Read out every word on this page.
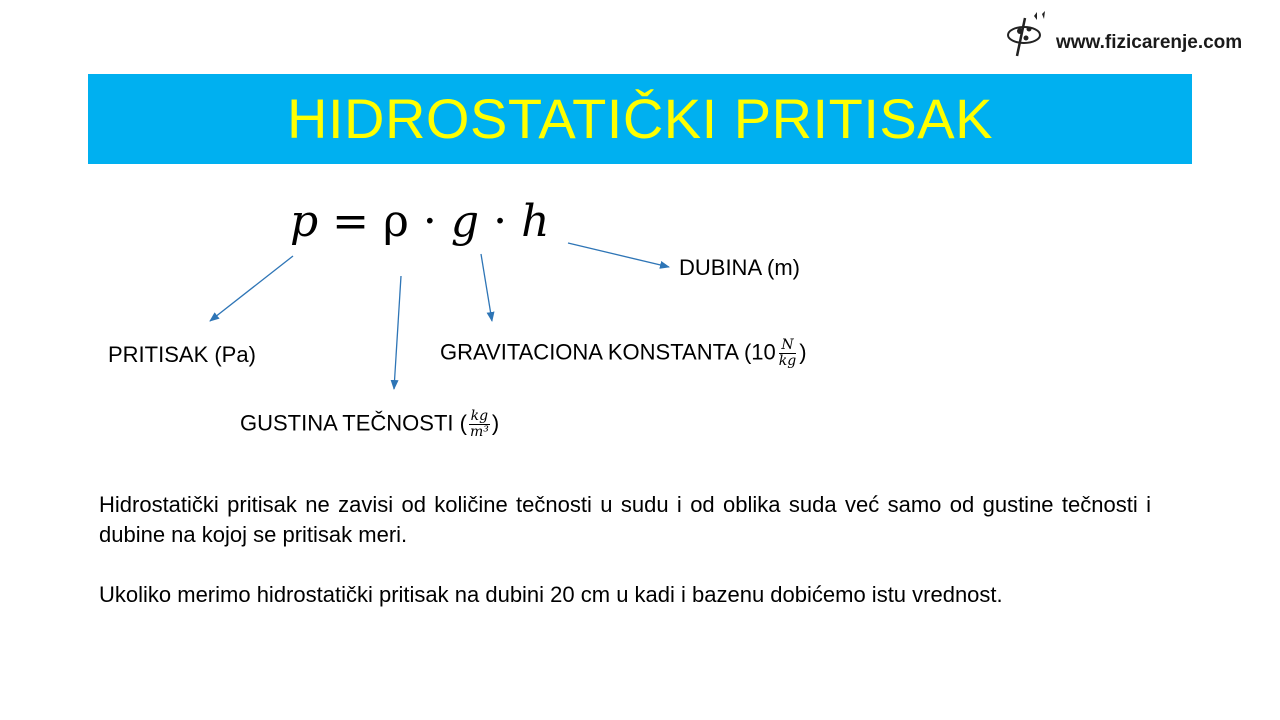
www.fizicarenje.com
HIDROSTATIČKI PRITISAK
p = ρ · g · h
DUBINA (m)
PRITISAK (Pa)	GRAVITACIONA KONSTANTA ($10 \frac{N}{kg}$ )
GUSTINA TEČNOSTI ( $\frac{kg}{\text{m³}}$ )
Hidrostatički pritisak ne zavisi od količine tečnosti u sudu i od oblika suda već samo od gustine tečnosti i dubine na kojoj se pritisak meri.
Ukoliko merimo hidrostatički pritisak na dubini 20 cm u kadi i bazenu dobićemo istu vrednost.
